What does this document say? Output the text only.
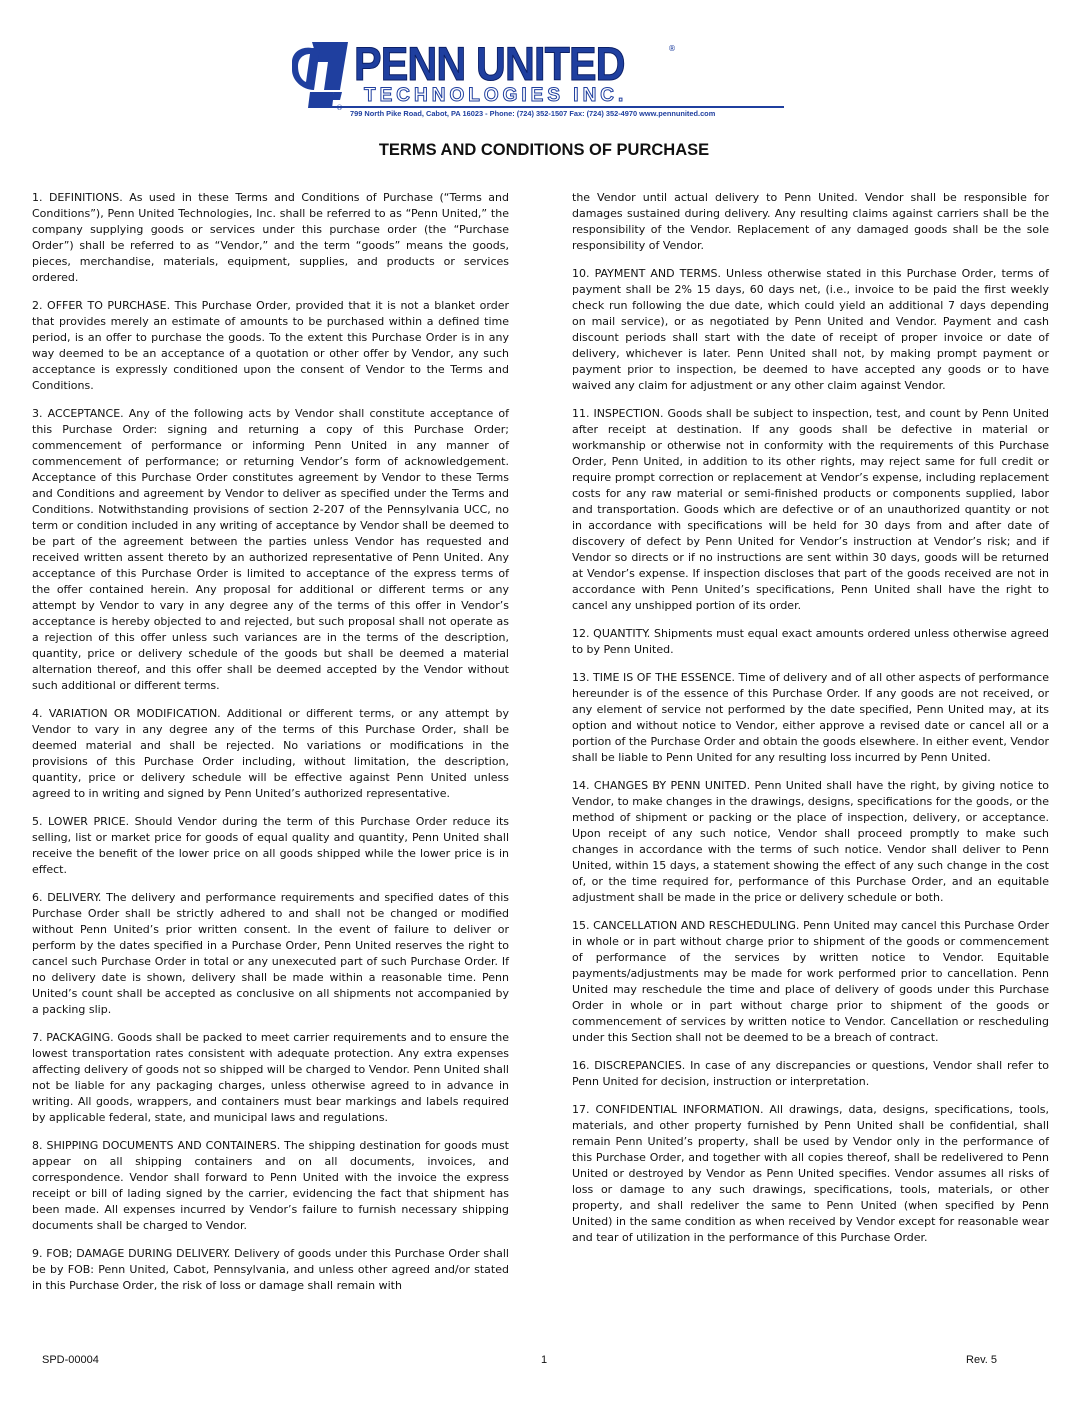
PENN UNITED	®
TECHNOLOGIES INC.
®
799 North Pike Road, Cabot, PA 16023 - Phone: (724) 352-1507 Fax: (724) 352-4970 www.pennunited.com
TERMS AND CONDITIONS OF PURCHASE

1. DEFINITIONS. As used in these Terms and Conditions of Purchase (“Terms and Conditions”), Penn United Technologies, Inc. shall be referred to as “Penn United,” the company supplying goods or services under this purchase order (the “Purchase Order”) shall be referred to as “Vendor,” and the term “goods” means the goods, pieces, merchandise, materials, equipment, supplies, and products or services ordered.

2. OFFER TO PURCHASE. This Purchase Order, provided that it is not a blanket order that provides merely an estimate of amounts to be purchased within a defined time period, is an offer to purchase the goods. To the extent this Purchase Order is in any way deemed to be an acceptance of a quotation or other offer by Vendor, any such acceptance is expressly conditioned upon the consent of Vendor to the Terms and Conditions.

3. ACCEPTANCE. Any of the following acts by Vendor shall constitute acceptance of this Purchase Order: signing and returning a copy of this Purchase Order; commencement of performance or informing Penn United in any manner of commencement of performance; or returning Vendor’s form of acknowledgement. Acceptance of this Purchase Order constitutes agreement by Vendor to these Terms and Conditions and agreement by Vendor to deliver as specified under the Terms and Conditions. Notwithstanding provisions of section 2-207 of the Pennsylvania UCC, no term or condition included in any writing of acceptance by Vendor shall be deemed to be part of the agreement between the parties unless Vendor has requested and received written assent thereto by an authorized representative of Penn United. Any acceptance of this Purchase Order is limited to acceptance of the express terms of the offer contained herein. Any proposal for additional or different terms or any attempt by Vendor to vary in any degree any of the terms of this offer in Vendor’s acceptance is hereby objected to and rejected, but such proposal shall not operate as a rejection of this offer unless such variances are in the terms of the description, quantity, price or delivery schedule of the goods but shall be deemed a material alternation thereof, and this offer shall be deemed accepted by the Vendor without such additional or different terms.

4. VARIATION OR MODIFICATION. Additional or different terms, or any attempt by Vendor to vary in any degree any of the terms of this Purchase Order, shall be deemed material and shall be rejected. No variations or modifications in the provisions of this Purchase Order including, without limitation, the description, quantity, price or delivery schedule will be effective against Penn United unless agreed to in writing and signed by Penn United’s authorized representative.

5. LOWER PRICE. Should Vendor during the term of this Purchase Order reduce its selling, list or market price for goods of equal quality and quantity, Penn United shall receive the benefit of the lower price on all goods shipped while the lower price is in effect.

6. DELIVERY. The delivery and performance requirements and specified dates of this Purchase Order shall be strictly adhered to and shall not be changed or modified without Penn United’s prior written consent. In the event of failure to deliver or perform by the dates specified in a Purchase Order, Penn United reserves the right to cancel such Purchase Order in total or any unexecuted part of such Purchase Order. If no delivery date is shown, delivery shall be made within a reasonable time. Penn United’s count shall be accepted as conclusive on all shipments not accompanied by a packing slip.

7. PACKAGING. Goods shall be packed to meet carrier requirements and to ensure the lowest transportation rates consistent with adequate protection. Any extra expenses affecting delivery of goods not so shipped will be charged to Vendor. Penn United shall not be liable for any packaging charges, unless otherwise agreed to in advance in writing. All goods, wrappers, and containers must bear markings and labels required by applicable federal, state, and municipal laws and regulations.

8. SHIPPING DOCUMENTS AND CONTAINERS. The shipping destination for goods must appear on all shipping containers and on all documents, invoices, and correspondence. Vendor shall forward to Penn United with the invoice the express receipt or bill of lading signed by the carrier, evidencing the fact that shipment has been made. All expenses incurred by Vendor’s failure to furnish necessary shipping documents shall be charged to Vendor.

9. FOB; DAMAGE DURING DELIVERY. Delivery of goods under this Purchase Order shall be by FOB: Penn United, Cabot, Pennsylvania, and unless other agreed and/or stated in this Purchase Order, the risk of loss or damage shall remain with

the Vendor until actual delivery to Penn United. Vendor shall be responsible for damages sustained during delivery. Any resulting claims against carriers shall be the responsibility of the Vendor. Replacement of any damaged goods shall be the sole responsibility of Vendor.

10. PAYMENT AND TERMS. Unless otherwise stated in this Purchase Order, terms of payment shall be 2% 15 days, 60 days net, (i.e., invoice to be paid the first weekly check run following the due date, which could yield an additional 7 days depending on mail service), or as negotiated by Penn United and Vendor. Payment and cash discount periods shall start with the date of receipt of proper invoice or date of delivery, whichever is later. Penn United shall not, by making prompt payment or payment prior to inspection, be deemed to have accepted any goods or to have waived any claim for adjustment or any other claim against Vendor.

11. INSPECTION. Goods shall be subject to inspection, test, and count by Penn United after receipt at destination. If any goods shall be defective in material or workmanship or otherwise not in conformity with the requirements of this Purchase Order, Penn United, in addition to its other rights, may reject same for full credit or require prompt correction or replacement at Vendor’s expense, including replacement costs for any raw material or semi-finished products or components supplied, labor and transportation. Goods which are defective or of an unauthorized quantity or not in accordance with specifications will be held for 30 days from and after date of discovery of defect by Penn United for Vendor’s instruction at Vendor’s risk; and if Vendor so directs or if no instructions are sent within 30 days, goods will be returned at Vendor’s expense. If inspection discloses that part of the goods received are not in accordance with Penn United’s specifications, Penn United shall have the right to cancel any unshipped portion of its order.

12. QUANTITY. Shipments must equal exact amounts ordered unless otherwise agreed to by Penn United.

13. TIME IS OF THE ESSENCE. Time of delivery and of all other aspects of performance hereunder is of the essence of this Purchase Order. If any goods are not received, or any element of service not performed by the date specified, Penn United may, at its option and without notice to Vendor, either approve a revised date or cancel all or a portion of the Purchase Order and obtain the goods elsewhere. In either event, Vendor shall be liable to Penn United for any resulting loss incurred by Penn United.

14. CHANGES BY PENN UNITED. Penn United shall have the right, by giving notice to Vendor, to make changes in the drawings, designs, specifications for the goods, or the method of shipment or packing or the place of inspection, delivery, or acceptance. Upon receipt of any such notice, Vendor shall proceed promptly to make such changes in accordance with the terms of such notice. Vendor shall deliver to Penn United, within 15 days, a statement showing the effect of any such change in the cost of, or the time required for, performance of this Purchase Order, and an equitable adjustment shall be made in the price or delivery schedule or both.

15. CANCELLATION AND RESCHEDULING. Penn United may cancel this Purchase Order in whole or in part without charge prior to shipment of the goods or commencement of performance of the services by written notice to Vendor. Equitable payments/adjustments may be made for work performed prior to cancellation. Penn United may reschedule the time and place of delivery of goods under this Purchase Order in whole or in part without charge prior to shipment of the goods or commencement of services by written notice to Vendor. Cancellation or rescheduling under this Section shall not be deemed to be a breach of contract.

16. DISCREPANCIES. In case of any discrepancies or questions, Vendor shall refer to Penn United for decision, instruction or interpretation.

17. CONFIDENTIAL INFORMATION. All drawings, data, designs, specifications, tools, materials, and other property furnished by Penn United shall be confidential, shall remain Penn United’s property, shall be used by Vendor only in the performance of this Purchase Order, and together with all copies thereof, shall be redelivered to Penn United or destroyed by Vendor as Penn United specifies. Vendor assumes all risks of loss or damage to any such drawings, specifications, tools, materials, or other property, and shall redeliver the same to Penn United (when specified by Penn United) in the same condition as when received by Vendor except for reasonable wear and tear of utilization in the performance of this Purchase Order.

SPD-00004	1	Rev. 5
